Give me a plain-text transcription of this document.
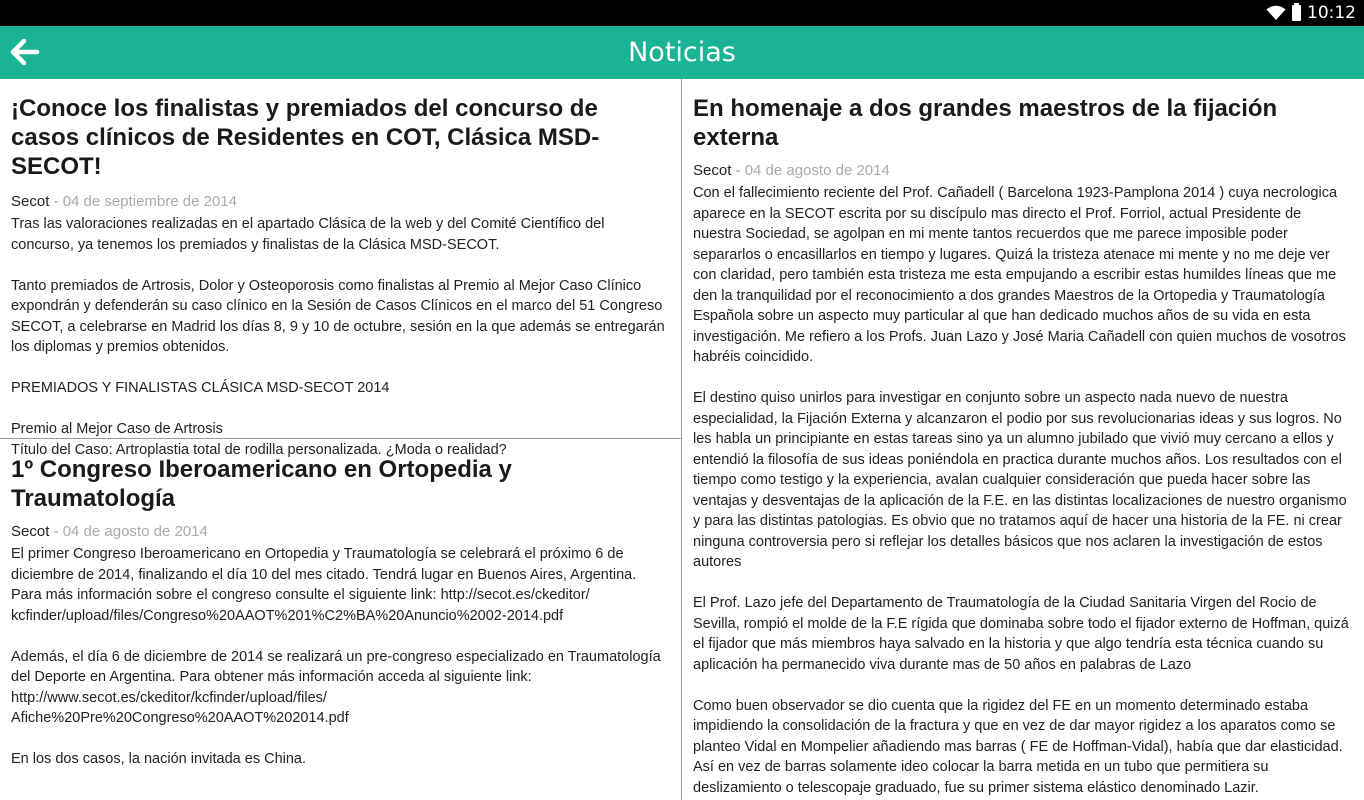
10:12
Noticias
¡Conoce los finalistas y premiados del concurso de casos clínicos de Residentes en COT, Clásica MSD-SECOT!
Secot - 04 de septiembre de 2014
Tras las valoraciones realizadas en el apartado Clásica de la web y del Comité Científico del concurso, ya tenemos los premiados y finalistas de la Clásica MSD-SECOT.

Tanto premiados de Artrosis, Dolor y Osteoporosis como finalistas al Premio al Mejor Caso Clínico expondrán y defenderán su caso clínico en la Sesión de Casos Clínicos en el marco del 51 Congreso SECOT, a celebrarse en Madrid los días 8, 9 y 10 de octubre, sesión en la que además se entregarán los diplomas y premios obtenidos.

PREMIADOS Y FINALISTAS CLÁSICA MSD-SECOT 2014

Premio al Mejor Caso de Artrosis
Título del Caso: Artroplastia total de rodilla personalizada. ¿Moda o realidad?
1º Congreso Iberoamericano en Ortopedia y Traumatología
Secot - 04 de agosto de 2014
El primer Congreso Iberoamericano en Ortopedia y Traumatología se celebrará el próximo 6 de diciembre de 2014, finalizando el día 10 del mes citado. Tendrá lugar en Buenos Aires, Argentina. Para más información sobre el congreso consulte el siguiente link: http://secot.es/ckeditor/
kcfinder/upload/files/Congreso%20AAOT%201%C2%BA%20Anuncio%2002-2014.pdf

Además, el día 6 de diciembre de 2014 se realizará un pre-congreso especializado en Traumatología del Deporte en Argentina. Para obtener más información acceda al siguiente link: http://www.secot.es/ckeditor/kcfinder/upload/files/
Afiche%20Pre%20Congreso%20AAOT%202014.pdf

En los dos casos, la nación invitada es China.
En homenaje a dos grandes maestros de la fijación externa
Secot - 04 de agosto de 2014
Con el fallecimiento reciente del Prof. Cañadell ( Barcelona 1923-Pamplona 2014 ) cuya necrologica aparece en la SECOT escrita por su discípulo mas directo el Prof. Forriol, actual Presidente de nuestra Sociedad, se agolpan en mi mente tantos recuerdos que me parece imposible poder separarlos o encasillarlos en tiempo y lugares. Quizá la tristeza atenace mi mente y no me deje ver con claridad, pero también esta tristeza me esta empujando a escribir estas humildes líneas que me den la tranquilidad por el reconocimiento a dos grandes Maestros de la Ortopedia y Traumatología Española sobre un aspecto muy particular al que han dedicado muchos años de su vida en esta investigación. Me refiero a los Profs. Juan Lazo y José Maria Cañadell con quien muchos de vosotros habréis coincidido.

El destino quiso unirlos para investigar en conjunto sobre un aspecto nada nuevo de nuestra especialidad, la Fijación Externa y alcanzaron el podio por sus revolucionarias ideas y sus logros. No les habla un principiante en estas tareas sino ya un alumno jubilado que vivió muy cercano a ellos y entendió la filosofía de sus ideas poniéndola en practica durante muchos años. Los resultados con el tiempo como testigo y la experiencia, avalan cualquier consideración que pueda hacer sobre las ventajas y desventajas de la aplicación de la F.E. en las distintas localizaciones de nuestro organismo y para las distintas patologias. Es obvio que no tratamos aquí de hacer una historia de la FE. ni crear ninguna controversia pero si reflejar los detalles básicos que nos aclaren la investigación de estos autores

El Prof. Lazo jefe del Departamento de Traumatología de la Ciudad Sanitaria Virgen del Rocio de Sevilla, rompió el molde de la F.E rígida que dominaba sobre todo el fijador externo de Hoffman, quizá el fijador que más miembros haya salvado en la historia y que algo tendría esta técnica cuando su aplicación ha permanecido viva durante mas de 50 años en palabras de Lazo

Como buen observador se dio cuenta que la rigidez del FE en un momento determinado estaba impidiendo la consolidación de la fractura y que en vez de dar mayor rigidez a los aparatos como se planteo Vidal en Mompelier añadiendo mas barras ( FE de Hoffman-Vidal), había que dar elasticidad. Así en vez de barras solamente ideo colocar la barra metida en un tubo que permitiera su deslizamiento o telescopaje graduado, fue su primer sistema elástico denominado Lazir.
